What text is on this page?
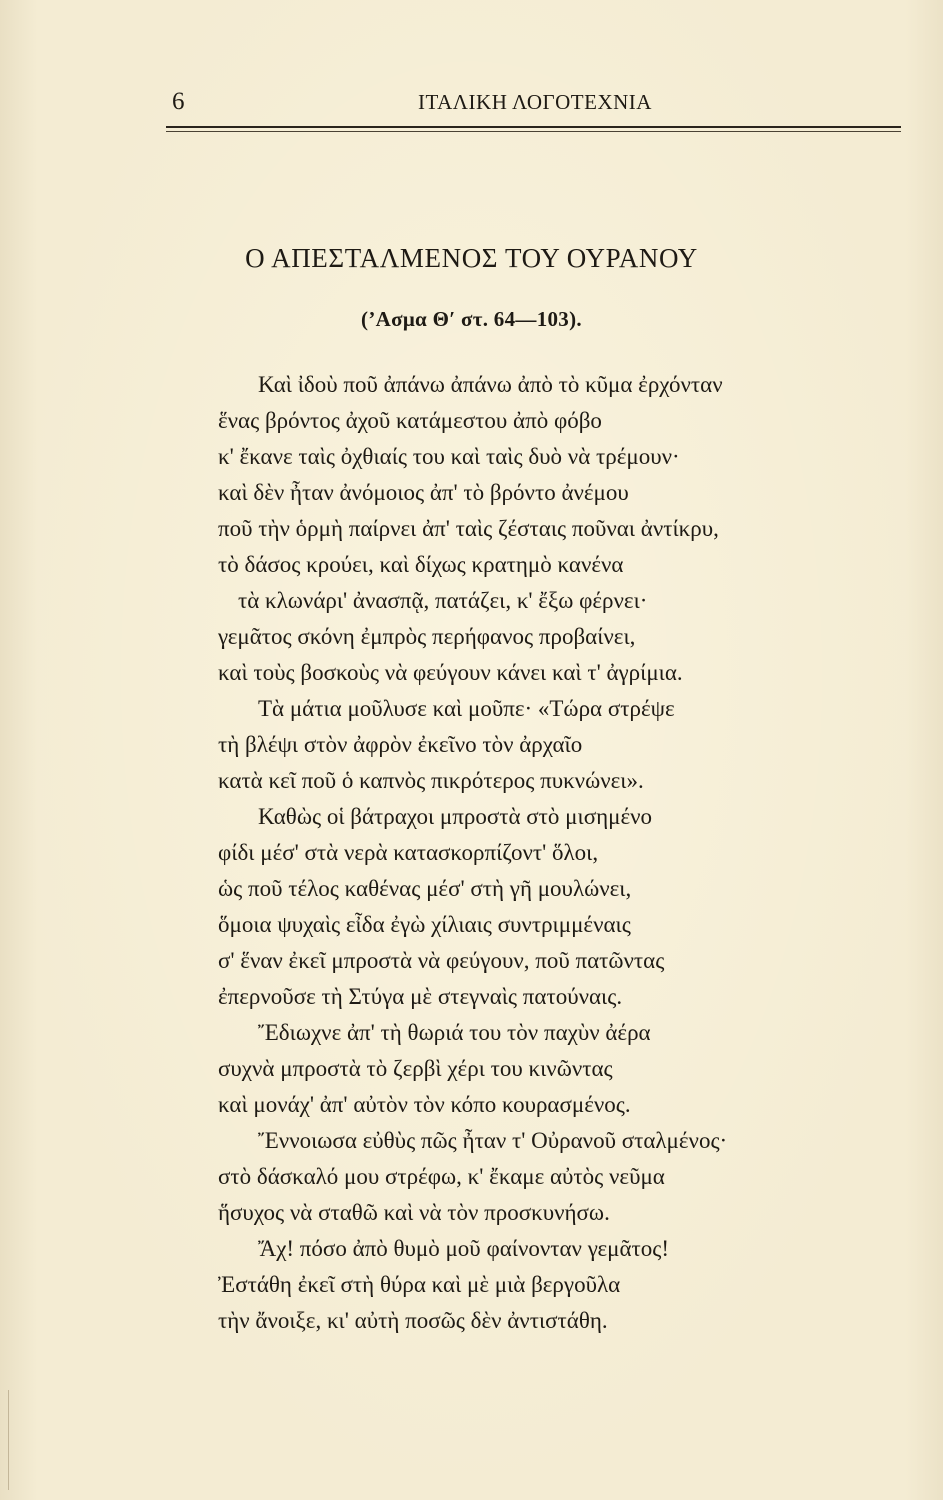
6	ΙΤΑΛΙΚΗ ΛΟΓΟΤΕΧΝΙΑ
Ο ΑΠΕΣΤΑΛΜΕΝΟΣ ΤΟΥ ΟΥΡΑΝΟΥ
(ʼΑσμα Θ′ στ. 64—103).
Καὶ ἰδοὺ ποῦ ἀπάνω ἀπάνω ἀπὸ τὸ κῦμα ἐρχόνταν
ἕνας βρόντος ἀχοῦ κατάμεστου ἀπὸ φόβο
κ' ἔκανε ταὶς ὀχθιαίς του καὶ ταὶς δυὸ νὰ τρέμουν·
καὶ δὲν ἦταν ἀνόμοιος ἀπ' τὸ βρόντο ἀνέμου
ποῦ τὴν ὁρμὴ παίρνει ἀπ' ταὶς ζέσταις ποῦναι ἀντίκρυ,
τὸ δάσος κρούει, καὶ δίχως κρατημὸ κανένα
τὰ κλωνάρι' ἀνασπᾷ, πατάζει, κ' ἔξω φέρνει·
γεμᾶτος σκόνη ἐμπρὸς περήφανος προβαίνει,
καὶ τοὺς βοσκοὺς νὰ φεύγουν κάνει καὶ τ' ἀγρίμια.
Τὰ μάτια μοῦλυσε καὶ μοῦπε· «Τώρα στρέψε
τὴ βλέψι στὸν ἀφρὸν ἐκεῖνο τὸν ἀρχαῖο
κατὰ κεῖ ποῦ ὁ καπνὸς πικρότερος πυκνώνει».
Καθὼς οἱ βάτραχοι μπροστὰ στὸ μισημένο
φίδι μέσ' στὰ νερὰ κατασκορπίζοντ' ὅλοι,
ὡς ποῦ τέλος καθένας μέσ' στὴ γῆ μουλώνει,
ὅμοια ψυχαὶς εἶδα ἐγὼ χίλιαις συντριμμέναις
σ' ἕναν ἐκεῖ μπροστὰ νὰ φεύγουν, ποῦ πατῶντας
ἐπερνοῦσε τὴ Στύγα μὲ στεγναὶς πατούναις.
Ἔδιωχνε ἀπ' τὴ θωριά του τὸν παχὺν ἀέρα
συχνὰ μπροστὰ τὸ ζερβὶ χέρι του κινῶντας
καὶ μονάχ' ἀπ' αὐτὸν τὸν κόπο κουρασμένος.
Ἔννοιωσα εὐθὺς πῶς ἦταν τ' Οὐρανοῦ σταλμένος·
στὸ δάσκαλό μου στρέφω, κ' ἔκαμε αὐτὸς νεῦμα
ἥσυχος νὰ σταθῶ καὶ νὰ τὸν προσκυνήσω.
Ἄχ! πόσο ἀπὸ θυμὸ μοῦ φαίνονταν γεμᾶτος!
Ἐστάθη ἐκεῖ στὴ θύρα καὶ μὲ μιὰ βεργοῦλα
τὴν ἄνοιξε, κι' αὐτὴ ποσῶς δὲν ἀντιστάθη.
